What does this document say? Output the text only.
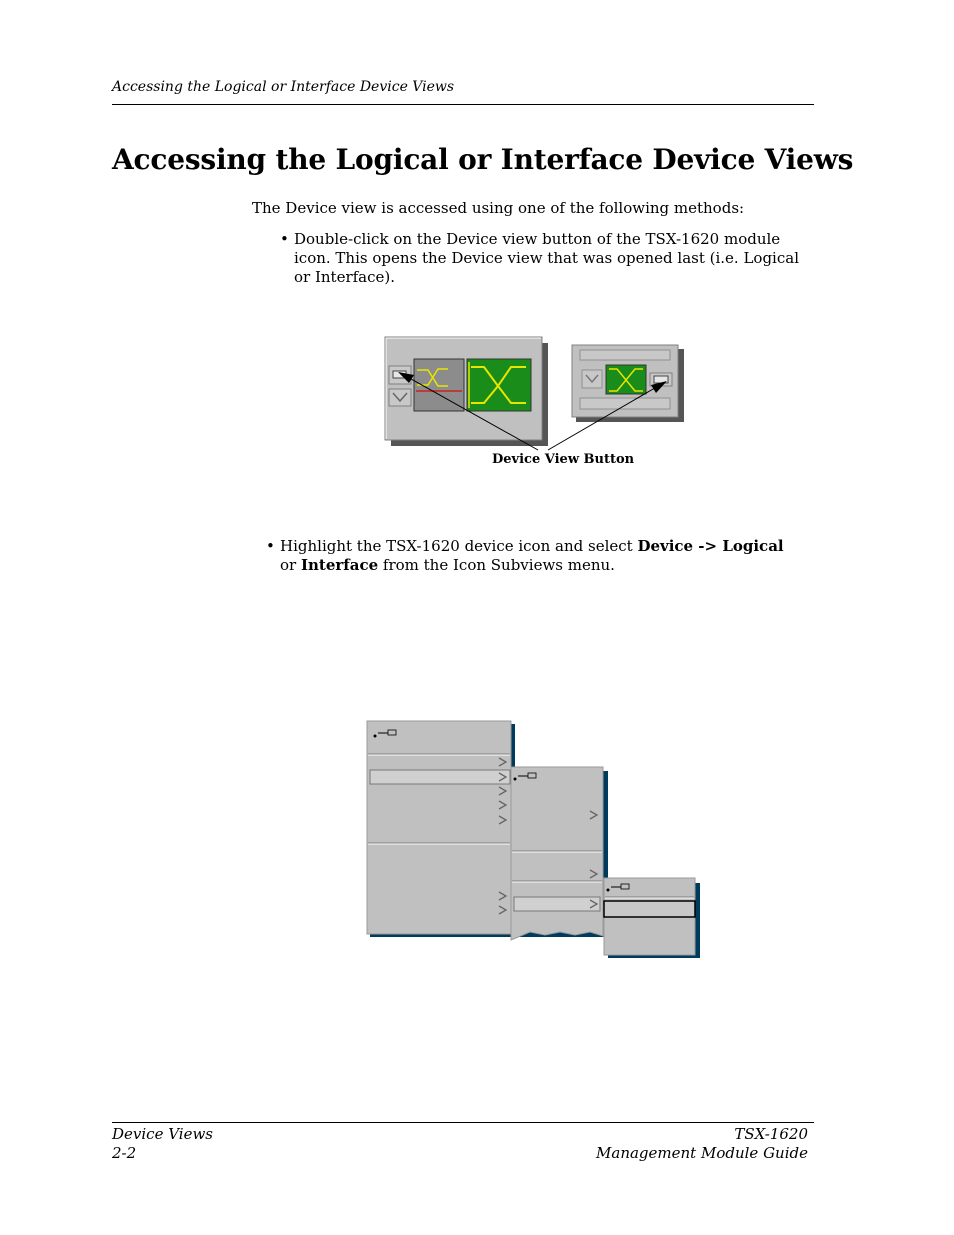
Accessing the Logical or Interface Device Views
Accessing the Logical or Interface Device Views
The Device view is accessed using one of the following methods:
• Double-click on the Device view button of the TSX-1620 module icon. This opens the Device view that was opened last (i.e. Logical or Interface).
Device View Button
• Highlight the TSX-1620 device icon and select Device -> Logical or Interface from the Icon Subviews menu.
Device Views
2-2
TSX-1620
Management Module Guide
